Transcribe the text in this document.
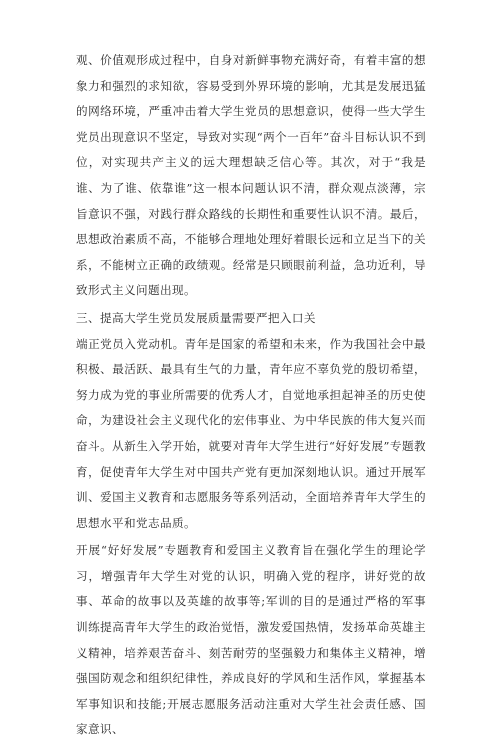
观、价值观形成过程中，自身对新鲜事物充满好奇，有着丰富的想象力和强烈的求知欲，容易受到外界环境的影响，尤其是发展迅猛的网络环境，严重冲击着大学生党员的思想意识，使得一些大学生党员出现意识不坚定，导致对实现“两个一百年”奋斗目标认识不到位，对实现共产主义的远大理想缺乏信心等。其次，对于“我是谁、为了谁、依靠谁”这一根本问题认识不清，群众观点淡薄，宗旨意识不强，对践行群众路线的长期性和重要性认识不清。最后，思想政治素质不高，不能够合理地处理好着眼长远和立足当下的关系，不能树立正确的政绩观。经常是只顾眼前利益，急功近利，导致形式主义问题出现。

三、提高大学生党员发展质量需要严把入口关

端正党员入党动机。青年是国家的希望和未来，作为我国社会中最积极、最活跃、最具有生气的力量，青年应不辜负党的殷切希望，努力成为党的事业所需要的优秀人才，自觉地承担起神圣的历史使命，为建设社会主义现代化的宏伟事业、为中华民族的伟大复兴而奋斗。从新生入学开始，就要对青年大学生进行“好好发展”专题教育，促使青年大学生对中国共产党有更加深刻地认识。通过开展军训、爱国主义教育和志愿服务等系列活动，全面培养青年大学生的思想水平和党志品质。

开展“好好发展”专题教育和爱国主义教育旨在强化学生的理论学习，增强青年大学生对党的认识，明确入党的程序，讲好党的故事、革命的故事以及英雄的故事等;军训的目的是通过严格的军事训练提高青年大学生的政治觉悟，激发爱国热情，发扬革命英雄主义精神，培养艰苦奋斗、刻苦耐劳的坚强毅力和集体主义精神，增强国防观念和组织纪律性，养成良好的学风和生活作风，掌握基本军事知识和技能;开展志愿服务活动注重对大学生社会责任感、国家意识、
